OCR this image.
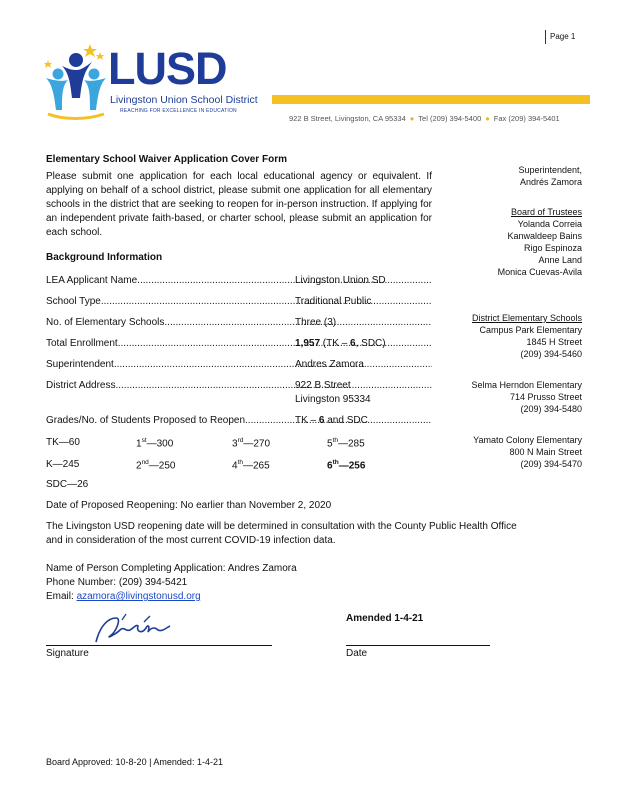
Page 1
LUSD
Livingston Union School District
REACHING FOR EXCELLENCE IN EDUCATION
922 B Street, Livingston, CA 95334 ● Tel (209) 394-5400 ● Fax (209) 394-5401
Elementary School Waiver Application Cover Form
Please submit one application for each local educational agency or equivalent. If applying on behalf of a school district, please submit one application for all elementary schools in the district that are seeking to reopen for in-person instruction. If applying for an independent private faith-based, or charter school, please submit an application for each school.
Background Information
LEA Applicant Name .....	Livingston Union SD
School Type .....	Traditional Public
No. of Elementary Schools .....	Three (3)
Total Enrollment .....	1,957 (TK – 6, SDC)
Superintendent .....	Andres Zamora
District Address .....	922 B Street
Livingston 95334
Grades/No. of Students Proposed to Reopen .....	TK – 6 and SDC
TK—60	1st—300	3rd—270	5th—285
K—245	2nd—250	4th—265	6th—256
SDC—26
Date of Proposed Reopening: No earlier than November 2, 2020
The Livingston USD reopening date will be determined in consultation with the County Public Health Office
and in consideration of the most current COVID-19 infection data.
Name of Person Completing Application: Andres Zamora
Phone Number: (209) 394-5421
Email: azamora@livingstonusd.org
Signature
Amended 1-4-21
Date
Superintendent,
Andrés Zamora
Board of Trustees
Yolanda Correia
Kanwaldeep Bains
Rigo Espinoza
Anne Land
Monica Cuevas-Avila
District Elementary Schools
Campus Park Elementary
1845 H Street
(209) 394-5460
Selma Herndon Elementary
714 Prusso Street
(209) 394-5480
Yamato Colony Elementary
800 N Main Street
(209) 394-5470
Board Approved: 10-8-20 | Amended: 1-4-21
